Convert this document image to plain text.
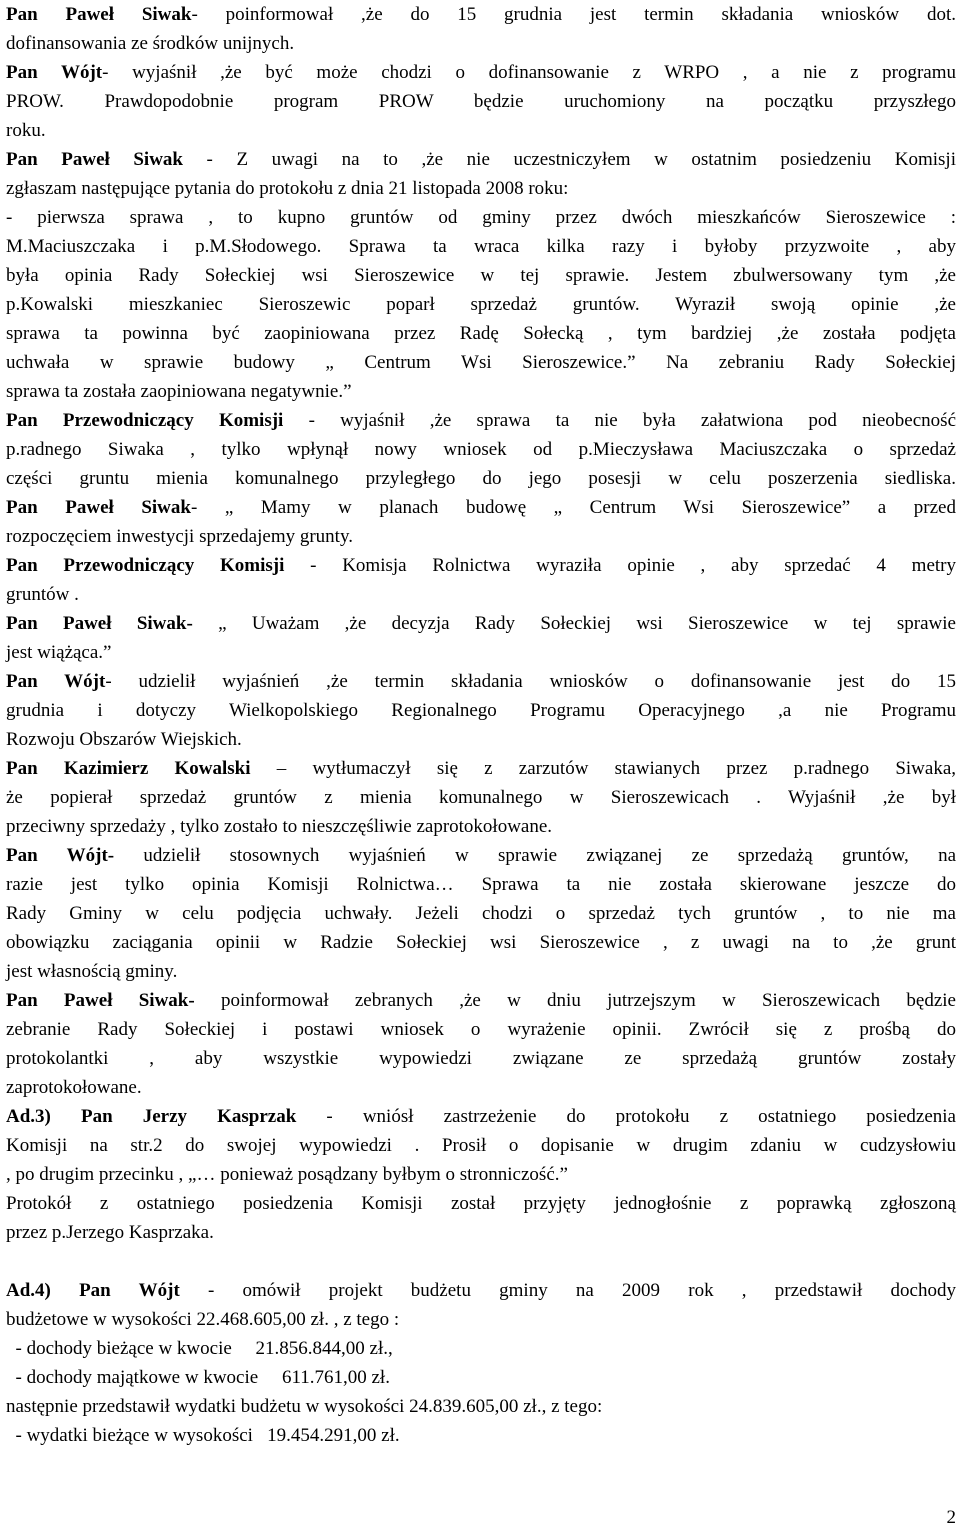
Pan Paweł Siwak- poinformował ,że do 15 grudnia jest termin składania wniosków dot.
dofinansowania ze środków unijnych.
Pan Wójt- wyjaśnił ,że być może chodzi o dofinansowanie z WRPO , a nie z programu
PROW. Prawdopodobnie program PROW będzie uruchomiony na początku przyszłego
roku.
Pan Paweł Siwak - Z uwagi na to ,że nie uczestniczyłem w ostatnim posiedzeniu Komisji
zgłaszam następujące pytania do protokołu z dnia 21 listopada 2008 roku:
- pierwsza sprawa , to kupno gruntów od gminy przez dwóch mieszkańców Sieroszewice :
M.Maciuszczaka i p.M.Słodowego. Sprawa ta wraca kilka razy i byłoby przyzwoite , aby
była opinia Rady Sołeckiej wsi Sieroszewice w tej sprawie. Jestem zbulwersowany tym ,że
p.Kowalski mieszkaniec Sieroszewic poparł sprzedaż gruntów. Wyraził swoją opinie ,że
sprawa ta powinna być zaopiniowana przez Radę Sołecką , tym bardziej ,że została podjęta
uchwała w sprawie budowy „ Centrum Wsi Sieroszewice.” Na zebraniu Rady Sołeckiej
sprawa ta została zaopiniowana negatywnie.”
Pan Przewodniczący Komisji - wyjaśnił ,że sprawa ta nie była załatwiona pod nieobecność
p.radnego Siwaka , tylko wpłynął nowy wniosek od p.Mieczysława Maciuszczaka o sprzedaż
części gruntu mienia komunalnego przyległego do jego posesji w celu poszerzenia siedliska.
Pan Paweł Siwak- „ Mamy w planach budowę „ Centrum Wsi Sieroszewice” a przed
rozpoczęciem inwestycji sprzedajemy grunty.
Pan Przewodniczący Komisji - Komisja Rolnictwa wyraziła opinie , aby sprzedać 4 metry
gruntów .
Pan Paweł Siwak- „ Uważam ,że decyzja Rady Sołeckiej wsi Sieroszewice w tej sprawie
jest wiążąca.”
Pan Wójt- udzielił wyjaśnień ,że termin składania wniosków o dofinansowanie jest do 15
grudnia i dotyczy Wielkopolskiego Regionalnego Programu Operacyjnego ,a nie Programu
Rozwoju Obszarów Wiejskich.
Pan Kazimierz Kowalski – wytłumaczył się z zarzutów stawianych przez p.radnego Siwaka,
że popierał sprzedaż gruntów z mienia komunalnego w Sieroszewicach . Wyjaśnił ,że był
przeciwny sprzedaży , tylko zostało to nieszczęśliwie zaprotokołowane.
Pan Wójt- udzielił stosownych wyjaśnień w sprawie związanej ze sprzedażą gruntów, na
razie jest tylko opinia Komisji Rolnictwa… Sprawa ta nie została skierowane jeszcze do
Rady Gminy w celu podjęcia uchwały. Jeżeli chodzi o sprzedaż tych gruntów , to nie ma
obowiązku zaciągania opinii w Radzie Sołeckiej wsi Sieroszewice , z uwagi na to ,że grunt
jest własnością gminy.
Pan Paweł Siwak- poinformował zebranych ,że w dniu jutrzejszym w Sieroszewicach będzie
zebranie Rady Sołeckiej i postawi wniosek o wyrażenie opinii. Zwrócił się z prośbą do
protokolantki , aby wszystkie wypowiedzi związane ze sprzedażą gruntów zostały
zaprotokołowane.
Ad.3) Pan Jerzy Kasprzak - wniósł zastrzeżenie do protokołu z ostatniego posiedzenia
Komisji na str.2 do swojej wypowiedzi . Prosił o dopisanie w drugim zdaniu w cudzysłowiu
, po drugim przecinku , „… ponieważ posądzany byłbym o stronniczość.”
Protokół z ostatniego posiedzenia Komisji został przyjęty jednogłośnie z poprawką zgłoszoną
przez p.Jerzego Kasprzaka.
Ad.4) Pan Wójt - omówił projekt budżetu gminy na 2009 rok , przedstawił dochody
budżetowe w wysokości 22.468.605,00 zł. , z tego :
- dochody bieżące w kwocie     21.856.844,00 zł.,
- dochody majątkowe w kwocie     611.761,00 zł.
następnie przedstawił wydatki budżetu w wysokości 24.839.605,00 zł., z tego:
- wydatki bieżące w wysokości   19.454.291,00 zł.
2
